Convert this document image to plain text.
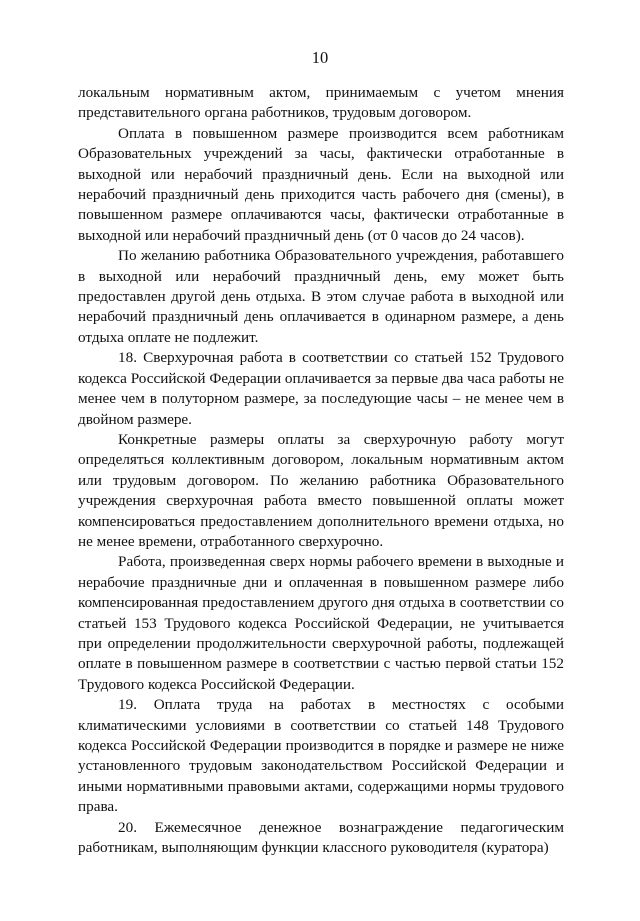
10

локальным нормативным актом, принимаемым с учетом мнения представительного органа работников, трудовым договором.

Оплата в повышенном размере производится всем работникам Образовательных учреждений за часы, фактически отработанные в выходной или нерабочий праздничный день. Если на выходной или нерабочий праздничный день приходится часть рабочего дня (смены), в повышенном размере оплачиваются часы, фактически отработанные в выходной или нерабочий праздничный день (от 0 часов до 24 часов).

По желанию работника Образовательного учреждения, работавшего в выходной или нерабочий праздничный день, ему может быть предоставлен другой день отдыха. В этом случае работа в выходной или нерабочий праздничный день оплачивается в одинарном размере, а день отдыха оплате не подлежит.

18. Сверхурочная работа в соответствии со статьей 152 Трудового кодекса Российской Федерации оплачивается за первые два часа работы не менее чем в полуторном размере, за последующие часы – не менее чем в двойном размере.

Конкретные размеры оплаты за сверхурочную работу могут определяться коллективным договором, локальным нормативным актом или трудовым договором. По желанию работника Образовательного учреждения сверхурочная работа вместо повышенной оплаты может компенсироваться предоставлением дополнительного времени отдыха, но не менее времени, отработанного сверхурочно.

Работа, произведенная сверх нормы рабочего времени в выходные и нерабочие праздничные дни и оплаченная в повышенном размере либо компенсированная предоставлением другого дня отдыха в соответствии со статьей 153 Трудового кодекса Российской Федерации, не учитывается при определении продолжительности сверхурочной работы, подлежащей оплате в повышенном размере в соответствии с частью первой статьи 152 Трудового кодекса Российской Федерации.

19. Оплата труда на работах в местностях с особыми климатическими условиями в соответствии со статьей 148 Трудового кодекса Российской Федерации производится в порядке и размере не ниже установленного трудовым законодательством Российской Федерации и иными нормативными правовыми актами, содержащими нормы трудового права.

20. Ежемесячное денежное вознаграждение педагогическим работникам, выполняющим функции классного руководителя (куратора)
